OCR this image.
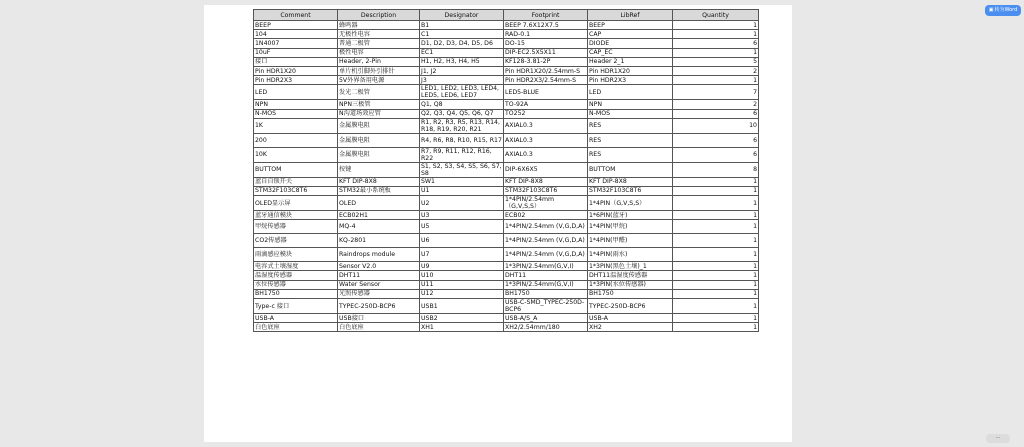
Comment	Description	Designator	Footprint	LibRef	Quantity
BEEP	蜂鸣器	B1	BEEP 7.6X12X7.5	BEEP	1
104	无极性电容	C1	RAD-0.1	CAP	1
1N4007	普通二极管	D1, D2, D3, D4, D5, D6	DO-15	DIODE	6
10uF	极性电容	EC1	DIP-EC2.5X5X11	CAP_EC	1
接口	Header, 2-Pin	H1, H2, H3, H4, H5	KF128-3.81-2P	Header 2_1	5
Pin HDR1X20	单片机引脚外引排针	J1, J2	Pin HDR1X20/2.54mm-S	Pin HDR1X20	2
Pin HDR2X3	5V外界备用电源	J3	Pin HDR2X3/2.54mm-S	Pin HDR2X3	1
LED	发光二极管	LED1, LED2, LED3, LED4, LED5, LED6, LED7	LED5-BLUE	LED	7
NPN	NPN三极管	Q1, Q8	TO-92A	NPN	2
N-MOS	N沟道场效应管	Q2, Q3, Q4, Q5, Q6, Q7	TO252	N-MOS	6
1K	金属膜电阻	R1, R2, R3, R5, R13, R14, R18, R19, R20, R21	AXIAL0.3	RES	10
200	金属膜电阻	R4, R6, R8, R10, R15, R17	AXIAL0.3	RES	6
10K	金属膜电阻	R7, R9, R11, R12, R16, R22	AXIAL0.3	RES	6
BUTTOM	按键	S1, S2, S3, S4, S5, S6, S7, S8	DIP-6X6X5	BUTTOM	8
蓝自自锁开关	KFT DIP-8X8	SW1	KFT DIP-8X8	KFT DIP-8X8	1
STM32F103C8T6	STM32最小系统板	U1	STM32F103C8T6	STM32F103C8T6	1
OLED显示屏	OLED	U2	1*4PIN/2.54mm （G,V,S,S）	1*4PIN（G,V,S,S）	1
蓝牙通信模块	ECB02H1	U3	ECB02	1*6PIN(蓝牙)	1
甲烷传感器	MQ-4	U5	1*4PIN/2.54mm (V,G,D,A)	1*4PIN(甲烷)	1
CO2传感器	KQ-2801	U6	1*4PIN/2.54mm (V,G,D,A)	1*4PIN(甲醛)	1
雨滴感应模块	Raindrops module	U7	1*4PIN/2.54mm (V,G,D,A)	1*4PIN(雨水)	1
电容式土壤湿度	Sensor V2.0	U9	1*3PIN/2.54mm(G,V,I)	1*3PIN(黑色土壤)_1	1
温湿度传感器	DHT11	U10	DHT11	DHT11温湿度传感器	1
水位传感器	Water Sensor	U11	1*3PIN/2.54mm(G,V,I)	1*3PIN(水位传感器)	1
BH1750	光照传感器	U12	BH1750	BH1750	1
Type-c 接口	TYPEC-250D-BCP6	USB1	USB-C-SMD_TYPEC-250D-BCP6	TYPEC-250D-BCP6	1
USB-A	USB接口	USB2	USB-A/S_A	USB-A	1
白色底座	白色底座	XH1	XH2/2.54mm/180	XH2	1
▣转为Word
⋯
